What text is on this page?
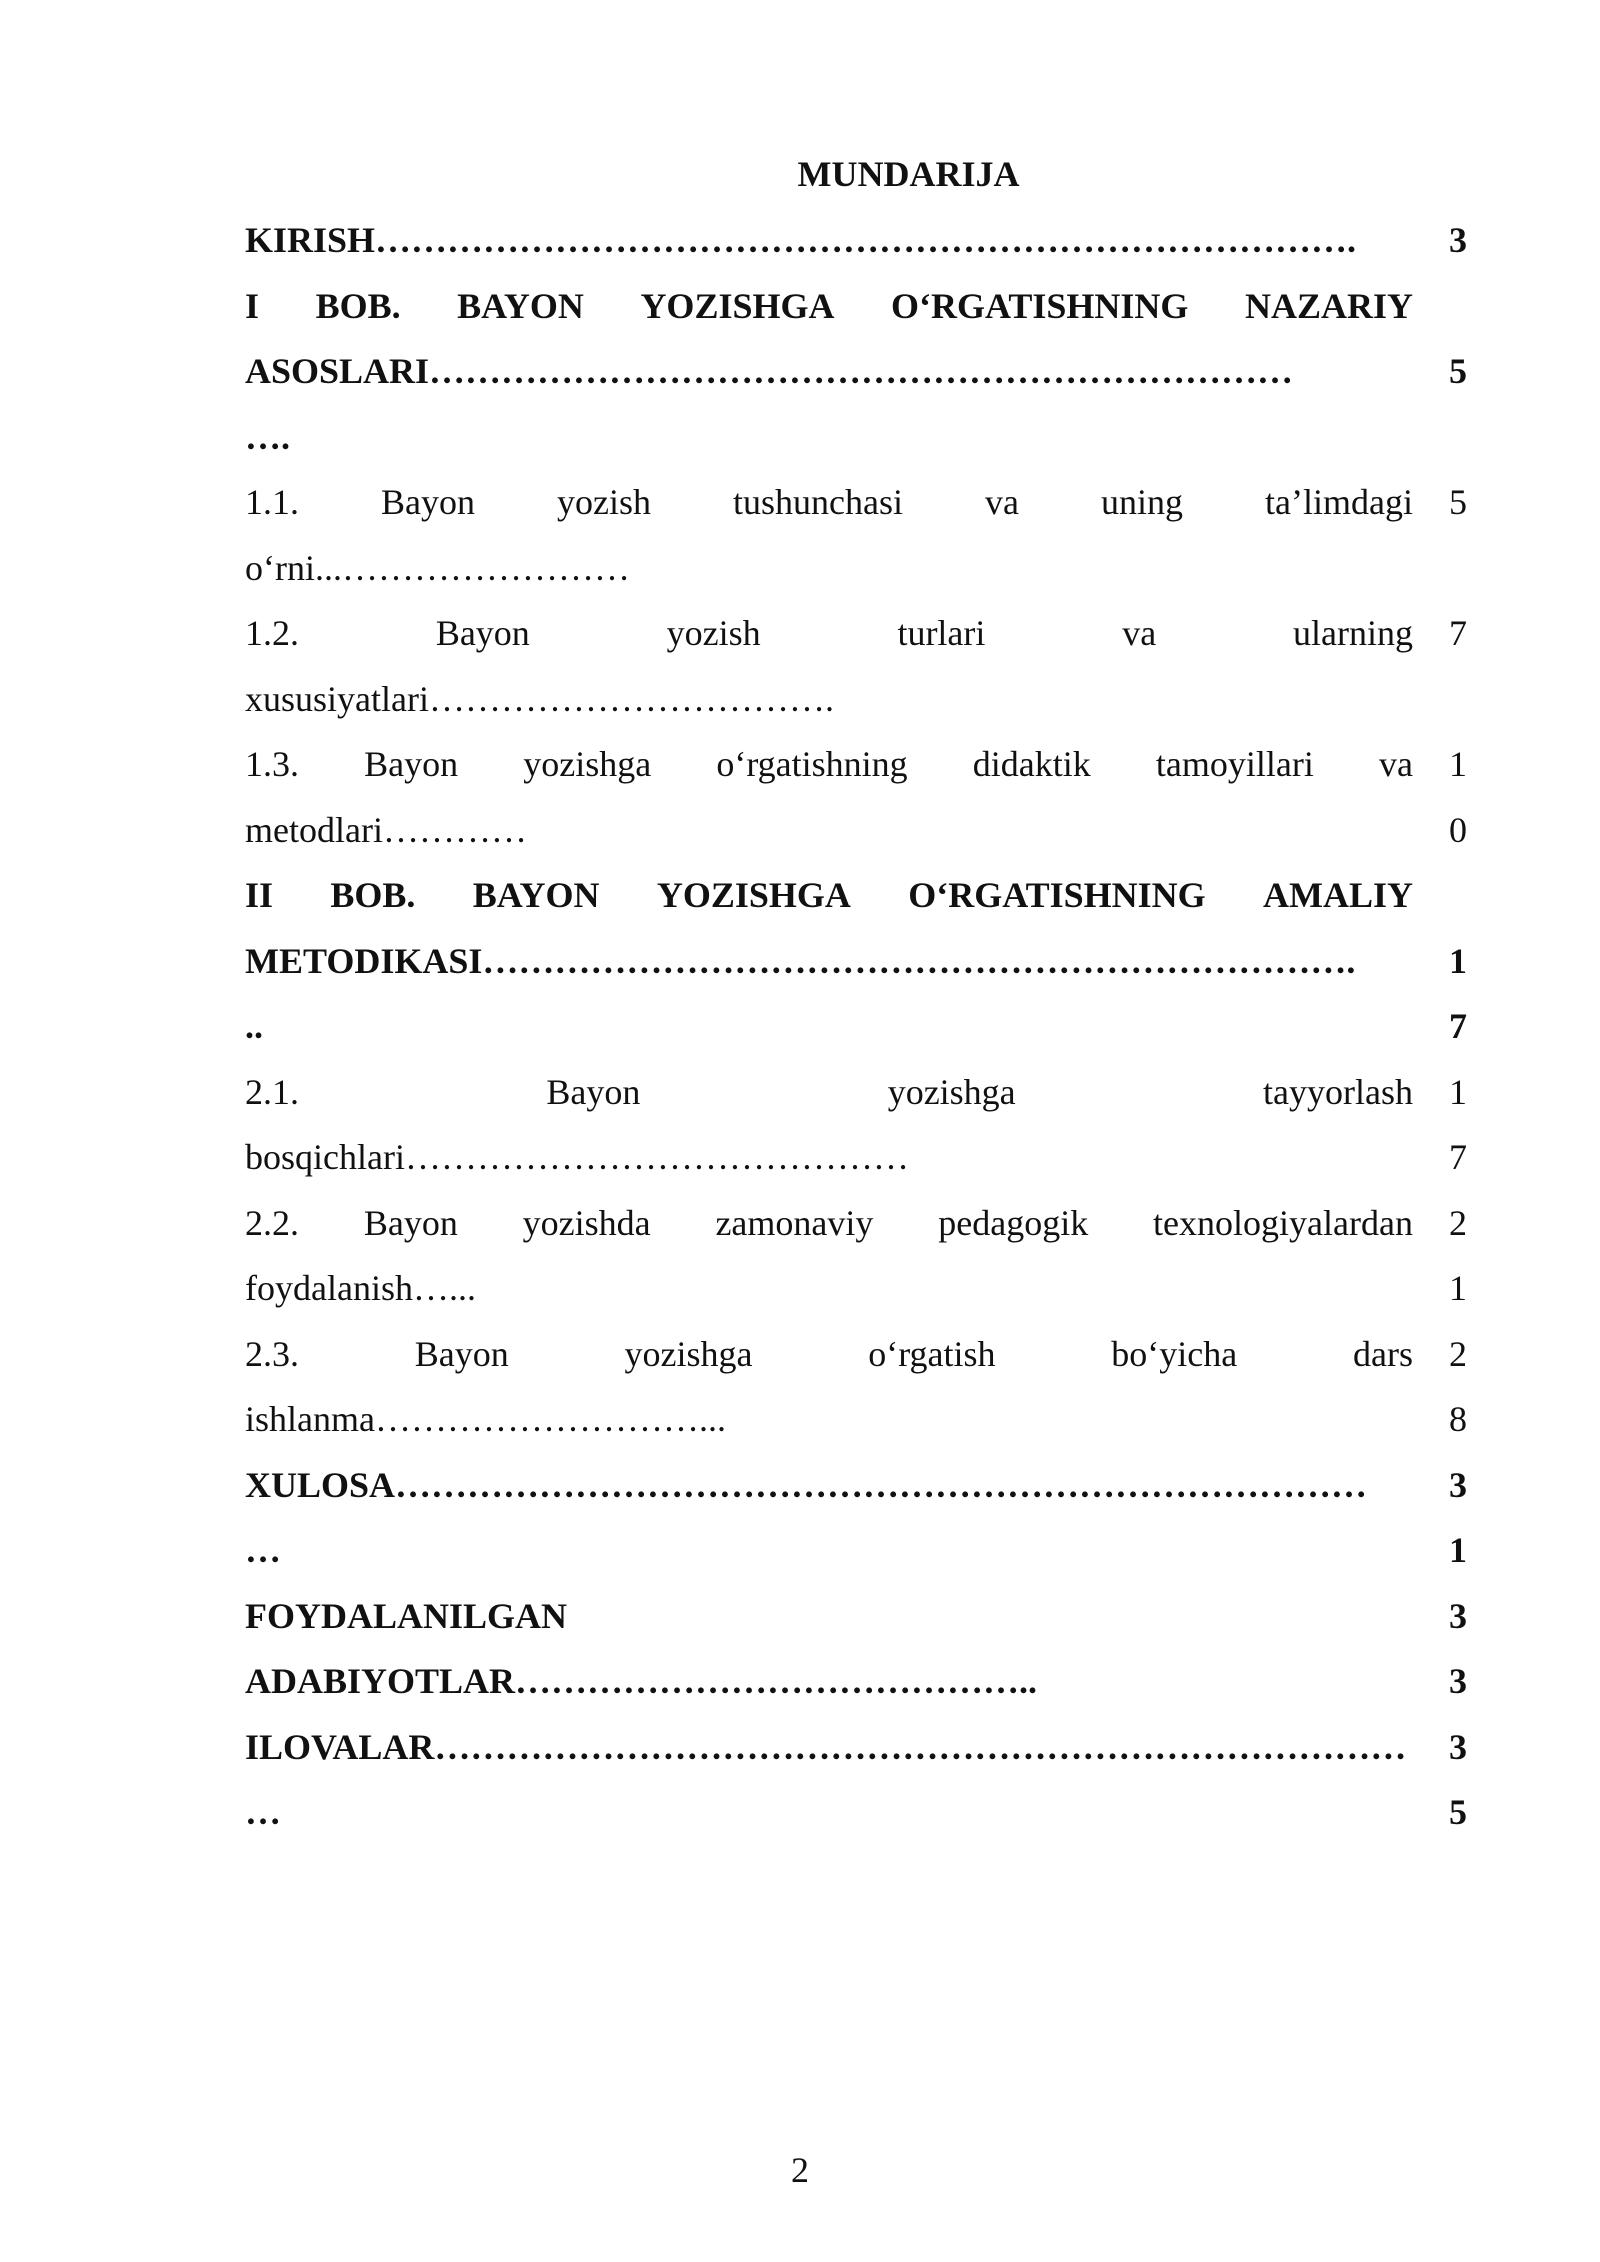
MUNDARIJA
KIRISH……………………………………………………………………….	3
I BOB. BAYON YOZISHGA O‘RGATISHNING NAZARIY
ASOSLARI………………………………………………………………	5
….
1.1. Bayon yozish tushunchasi va uning ta’limdagi 5
o‘rni...……………………
1.2.	Bayon	yozish	turlari	va	ularning 7
xususiyatlari…………………………….
1.3. Bayon yozishga o‘rgatishning didaktik tamoyillari va 1
metodlari…………	0
II BOB. BAYON YOZISHGA O‘RGATISHNING AMALIY
METODIKASI……………………………………………………………….	1
..	7
2.1.	Bayon	yozishga	tayyorlash 1
bosqichlari……………………………………	7
2.2. Bayon yozishda zamonaviy pedagogik texnologiyalardan 2
foydalanish…...	1
2.3.	Bayon	yozishga	o‘rgatish	bo‘yicha	dars 2
ishlanma………………………...	8
XULOSA………………………………………………………………………	3
…	1
FOYDALANILGAN	3
ADABIYOTLAR……………………………………..	3
ILOVALAR……………………………………………………………………… 3
…	5
2
